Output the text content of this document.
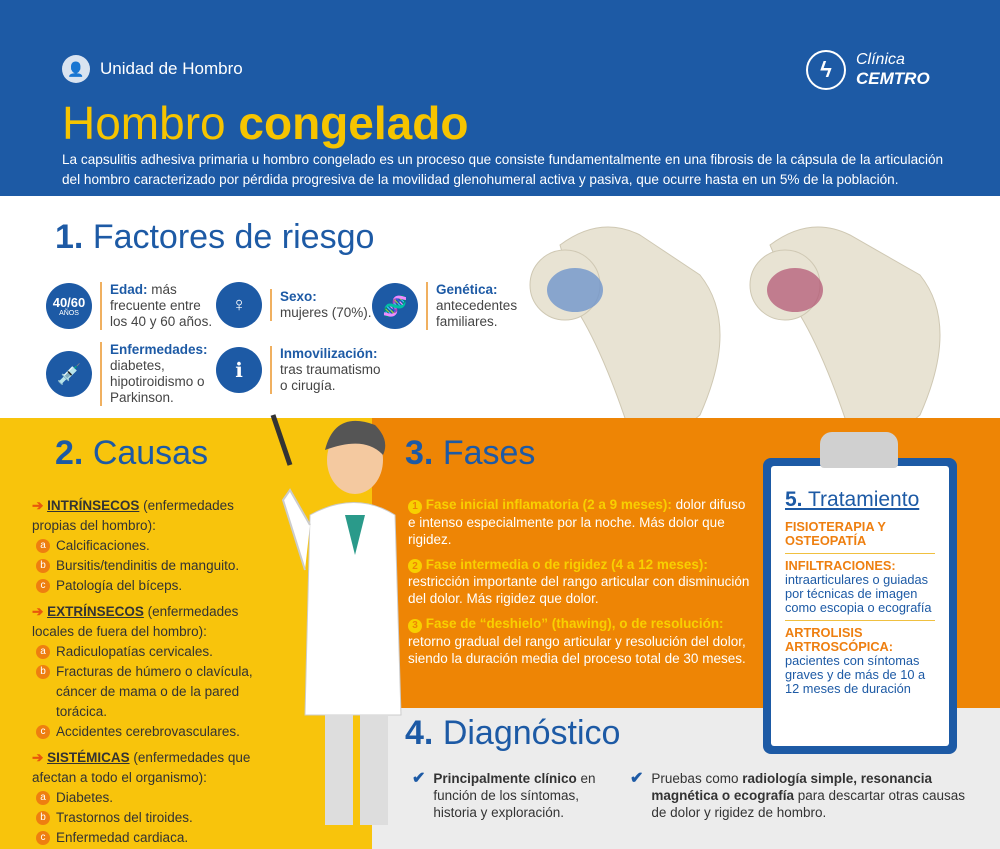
👤 Unidad de Hombro	ϟ	Clínica
CEMTRO
Hombro congelado
La capsulitis adhesiva primaria u hombro congelado es un proceso que consiste fundamentalmente en una fibrosis de la cápsula de la articulación del hombro caracterizado por pérdida progresiva de la movilidad glenohumeral activa y pasiva, que ocurre hasta en un 5% de la población.
1. Factores de riesgo
40/60
AÑOS
Edad: más frecuente entre los 40 y 60 años.
♀	Sexo:
mujeres (70%). 🧬
Genética:
antecedentes familiares.
💉
Enfermedades:
diabetes, hipotiroidismo o Parkinson.
ℹ
Inmovilización:
tras traumatismo o cirugía.
2. Causas
➔ INTRÍNSECOS (enfermedades propias del hombro):
a Calcificaciones.
b Bursitis/tendinitis de manguito.
c Patología del bíceps.
➔ EXTRÍNSECOS (enfermedades locales de fuera del hombro):
a Radiculopatías cervicales.
b Fracturas de húmero o clavícula, cáncer de mama o de la pared torácica.
c Accidentes cerebrovasculares.
➔ SISTÉMICAS (enfermedades que afectan a todo el organismo):
a Diabetes.
b Trastornos del tiroides.
c Enfermedad cardiaca.
3. Fases
1 Fase inicial inflamatoria (2 a 9 meses): dolor difuso e intenso especialmente por la noche. Más dolor que rigidez.
2 Fase intermedia o de rigidez (4 a 12 meses): restricción importante del rango articular con disminución del dolor. Más rigidez que dolor.
3 Fase de “deshielo” (thawing), o de resolución: retorno gradual del rango articular y resolución del dolor, siendo la duración media del proceso total de 30 meses.
4. Diagnóstico
✔ Principalmente clínico en función de los síntomas, historia y exploración.
✔ Pruebas como radiología simple, resonancia magnética o ecografía para descartar otras causas de dolor y rigidez de hombro.
5. Tratamiento
FISIOTERAPIA Y OSTEOPATÍA
INFILTRACIONES:
intraarticulares o guiadas por técnicas de imagen como escopia o ecografía
ARTROLISIS ARTROSCÓPICA:
pacientes con síntomas graves y de más de 10 a 12 meses de duración
